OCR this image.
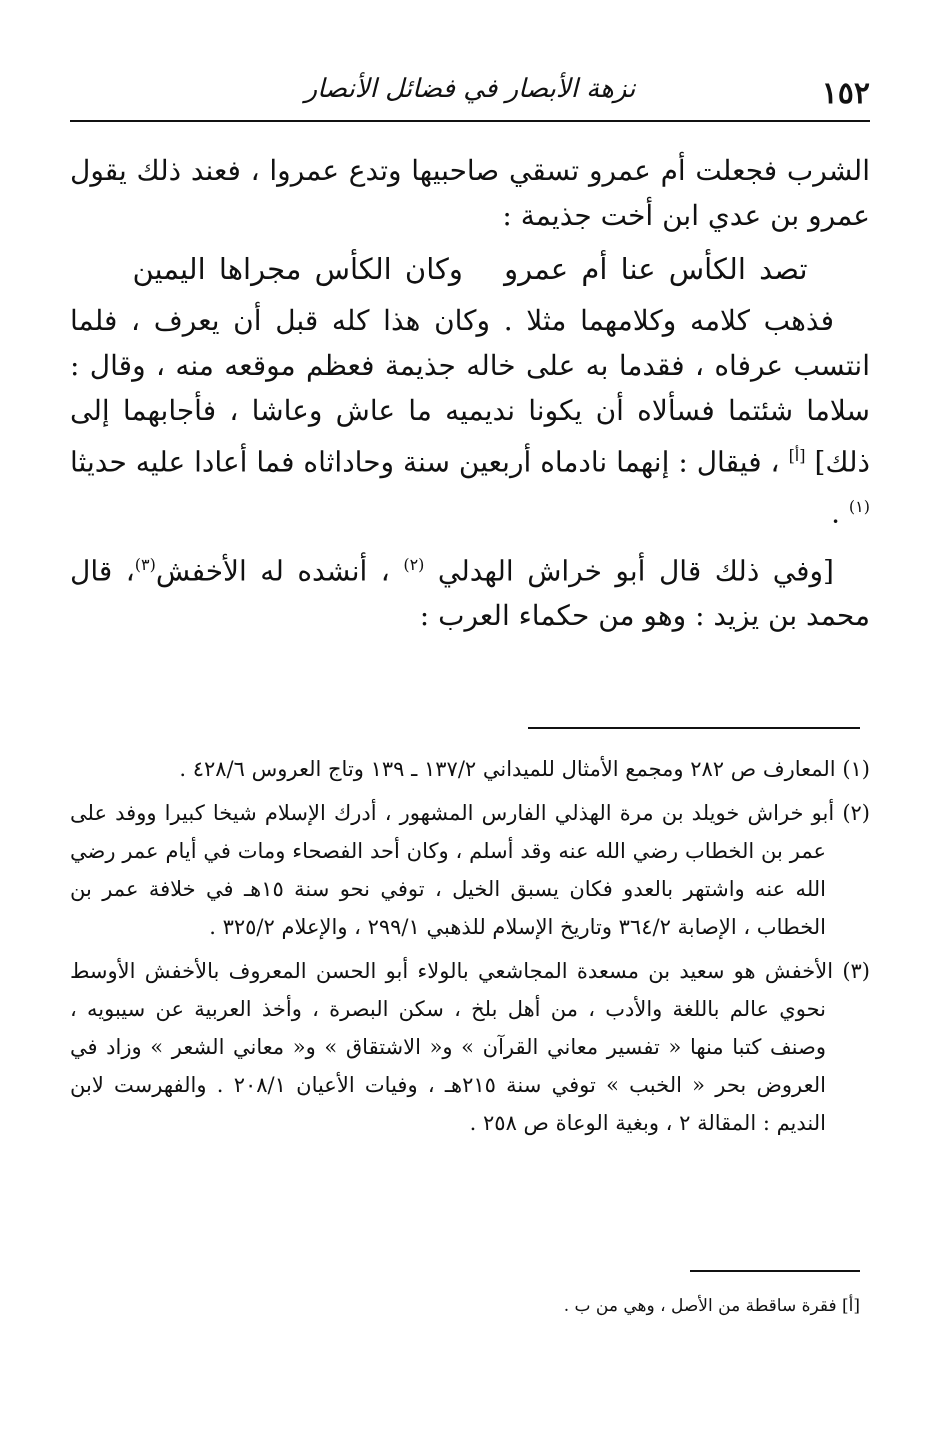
١٥٢
نزهة الأبصار في فضائل الأنصار

الشرب فجعلت أم عمرو تسقي صاحبيها وتدع عمروا ، فعند ذلك يقول عمرو بن عدي ابن أخت جذيمة :

تصد الكأس عنا أم عمرو وكان الكأس مجراها اليمين

فذهب كلامه وكلامهما مثلا . وكان هذا كله قبل أن يعرف ، فلما انتسب عرفاه ، فقدما به على خاله جذيمة فعظم موقعه منه ، وقال : سلاما شئتما فسألاه أن يكونا نديميه ما عاش وعاشا ، فأجابهما إلى ذلك] [أ] ، فيقال : إنهما نادماه أربعين سنة وحاداثاه فما أعادا عليه حديثا $^{(١)}$ .

[وفي ذلك قال أبو خراش الهدلي $^{(٢)}$ ، أنشده له الأخفش$^{(٣)}$، قال محمد بن يزيد : وهو من حكماء العرب :

(١) المعارف ص ٢٨٢ ومجمع الأمثال للميداني ١٣٧/٢ ـ ١٣٩ وتاج العروس ٤٢٨/٦ .

(٢) أبو خراش خويلد بن مرة الهذلي الفارس المشهور ، أدرك الإسلام شيخا كبيرا ووفد على عمر بن الخطاب رضي الله عنه وقد أسلم ، وكان أحد الفصحاء ومات في أيام عمر رضي الله عنه واشتهر بالعدو فكان يسبق الخيل ، توفي نحو سنة ١٥هـ في خلافة عمر بن الخطاب ، الإصابة ٣٦٤/٢ وتاريخ الإسلام للذهبي ٢٩٩/١ ، والإعلام ٣٢٥/٢ .

(٣) الأخفش هو سعيد بن مسعدة المجاشعي بالولاء أبو الحسن المعروف بالأخفش الأوسط نحوي عالم باللغة والأدب ، من أهل بلخ ، سكن البصرة ، وأخذ العربية عن سيبويه ، وصنف كتبا منها « تفسير معاني القرآن » و« الاشتقاق » و« معاني الشعر » وزاد في العروض بحر « الخبب » توفي سنة ٢١٥هـ ، وفيات الأعيان ٢٠٨/١ . والفهرست لابن النديم : المقالة ٢ ، وبغية الوعاة ص ٢٥٨ .

[أ] فقرة ساقطة من الأصل ، وهي من ب .
